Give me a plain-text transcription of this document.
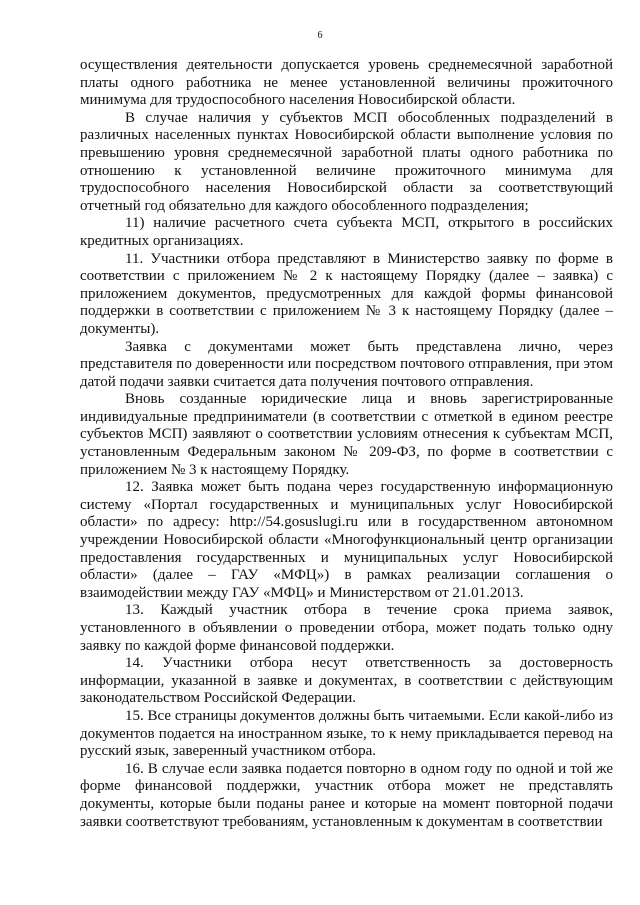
6

осуществления деятельности допускается уровень среднемесячной заработной платы одного работника не менее установленной величины прожиточного минимума для трудоспособного населения Новосибирской области.

В случае наличия у субъектов МСП обособленных подразделений в различных населенных пунктах Новосибирской области выполнение условия по превышению уровня среднемесячной заработной платы одного работника по отношению к установленной величине прожиточного минимума для трудоспособного населения Новосибирской области за соответствующий отчетный год обязательно для каждого обособленного подразделения;

11) наличие расчетного счета субъекта МСП, открытого в российских кредитных организациях.

11. Участники отбора представляют в Министерство заявку по форме в соответствии с приложением № 2 к настоящему Порядку (далее – заявка) с приложением документов, предусмотренных для каждой формы финансовой поддержки в соответствии с приложением № 3 к настоящему Порядку (далее – документы).

Заявка с документами может быть представлена лично, через представителя по доверенности или посредством почтового отправления, при этом датой подачи заявки считается дата получения почтового отправления.

Вновь созданные юридические лица и вновь зарегистрированные индивидуальные предприниматели (в соответствии с отметкой в едином реестре субъектов МСП) заявляют о соответствии условиям отнесения к субъектам МСП, установленным Федеральным законом № 209-ФЗ, по форме в соответствии с приложением № 3 к настоящему Порядку.

12. Заявка может быть подана через государственную информационную систему «Портал государственных и муниципальных услуг Новосибирской области» по адресу: http://54.gosuslugi.ru или в государственном автономном учреждении Новосибирской области «Многофункциональный центр организации предоставления государственных и муниципальных услуг Новосибирской области» (далее – ГАУ «МФЦ») в рамках реализации соглашения о взаимодействии между ГАУ «МФЦ» и Министерством от 21.01.2013.

13. Каждый участник отбора в течение срока приема заявок, установленного в объявлении о проведении отбора, может подать только одну заявку по каждой форме финансовой поддержки.

14. Участники отбора несут ответственность за достоверность информации, указанной в заявке и документах, в соответствии с действующим законодательством Российской Федерации.

15. Все страницы документов должны быть читаемыми. Если какой-либо из документов подается на иностранном языке, то к нему прикладывается перевод на русский язык, заверенный участником отбора.

16. В случае если заявка подается повторно в одном году по одной и той же форме финансовой поддержки, участник отбора может не представлять документы, которые были поданы ранее и которые на момент повторной подачи заявки соответствуют требованиям, установленным к документам в соответствии
